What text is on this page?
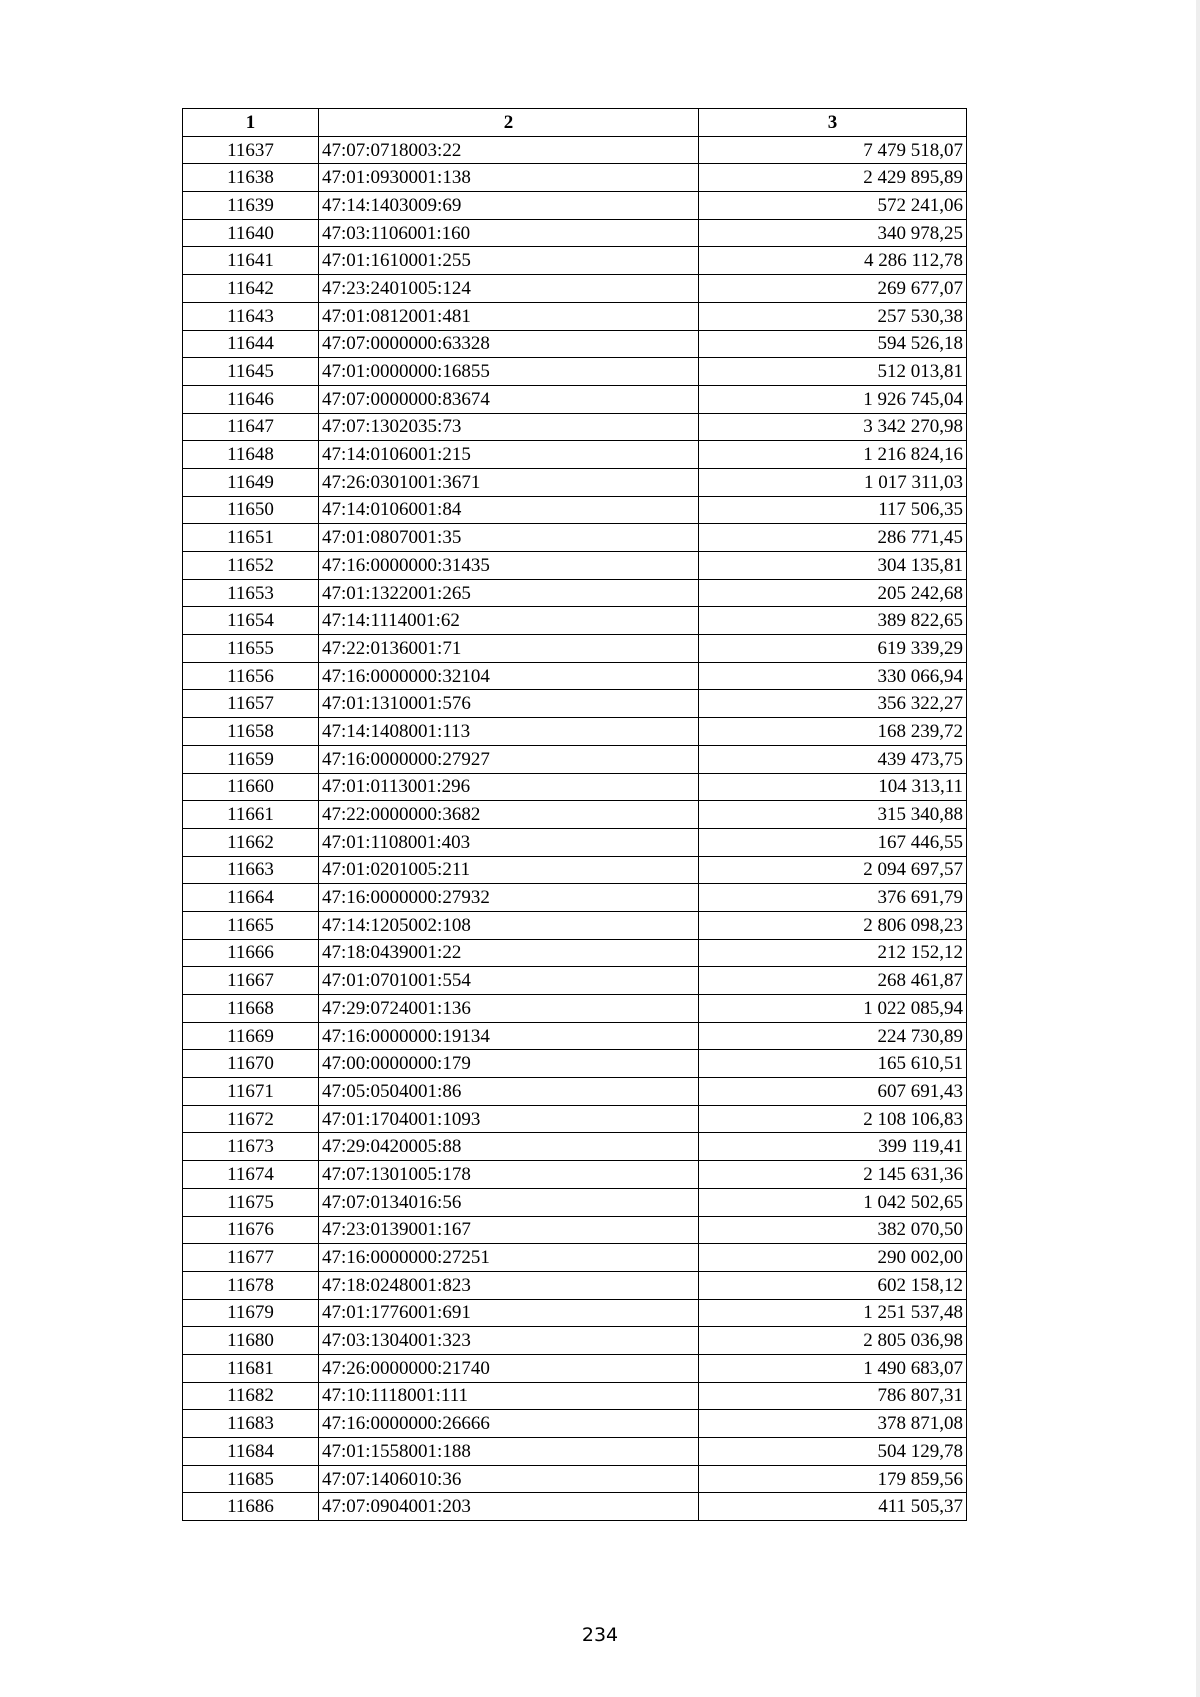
1	2	3
11637	47:07:0718003:22	7 479 518,07
11638	47:01:0930001:138	2 429 895,89
11639	47:14:1403009:69	572 241,06
11640	47:03:1106001:160	340 978,25
11641	47:01:1610001:255	4 286 112,78
11642	47:23:2401005:124	269 677,07
11643	47:01:0812001:481	257 530,38
11644	47:07:0000000:63328	594 526,18
11645	47:01:0000000:16855	512 013,81
11646	47:07:0000000:83674	1 926 745,04
11647	47:07:1302035:73	3 342 270,98
11648	47:14:0106001:215	1 216 824,16
11649	47:26:0301001:3671	1 017 311,03
11650	47:14:0106001:84	117 506,35
11651	47:01:0807001:35	286 771,45
11652	47:16:0000000:31435	304 135,81
11653	47:01:1322001:265	205 242,68
11654	47:14:1114001:62	389 822,65
11655	47:22:0136001:71	619 339,29
11656	47:16:0000000:32104	330 066,94
11657	47:01:1310001:576	356 322,27
11658	47:14:1408001:113	168 239,72
11659	47:16:0000000:27927	439 473,75
11660	47:01:0113001:296	104 313,11
11661	47:22:0000000:3682	315 340,88
11662	47:01:1108001:403	167 446,55
11663	47:01:0201005:211	2 094 697,57
11664	47:16:0000000:27932	376 691,79
11665	47:14:1205002:108	2 806 098,23
11666	47:18:0439001:22	212 152,12
11667	47:01:0701001:554	268 461,87
11668	47:29:0724001:136	1 022 085,94
11669	47:16:0000000:19134	224 730,89
11670	47:00:0000000:179	165 610,51
11671	47:05:0504001:86	607 691,43
11672	47:01:1704001:1093	2 108 106,83
11673	47:29:0420005:88	399 119,41
11674	47:07:1301005:178	2 145 631,36
11675	47:07:0134016:56	1 042 502,65
11676	47:23:0139001:167	382 070,50
11677	47:16:0000000:27251	290 002,00
11678	47:18:0248001:823	602 158,12
11679	47:01:1776001:691	1 251 537,48
11680	47:03:1304001:323	2 805 036,98
11681	47:26:0000000:21740	1 490 683,07
11682	47:10:1118001:111	786 807,31
11683	47:16:0000000:26666	378 871,08
11684	47:01:1558001:188	504 129,78
11685	47:07:1406010:36	179 859,56
11686	47:07:0904001:203	411 505,37
234
